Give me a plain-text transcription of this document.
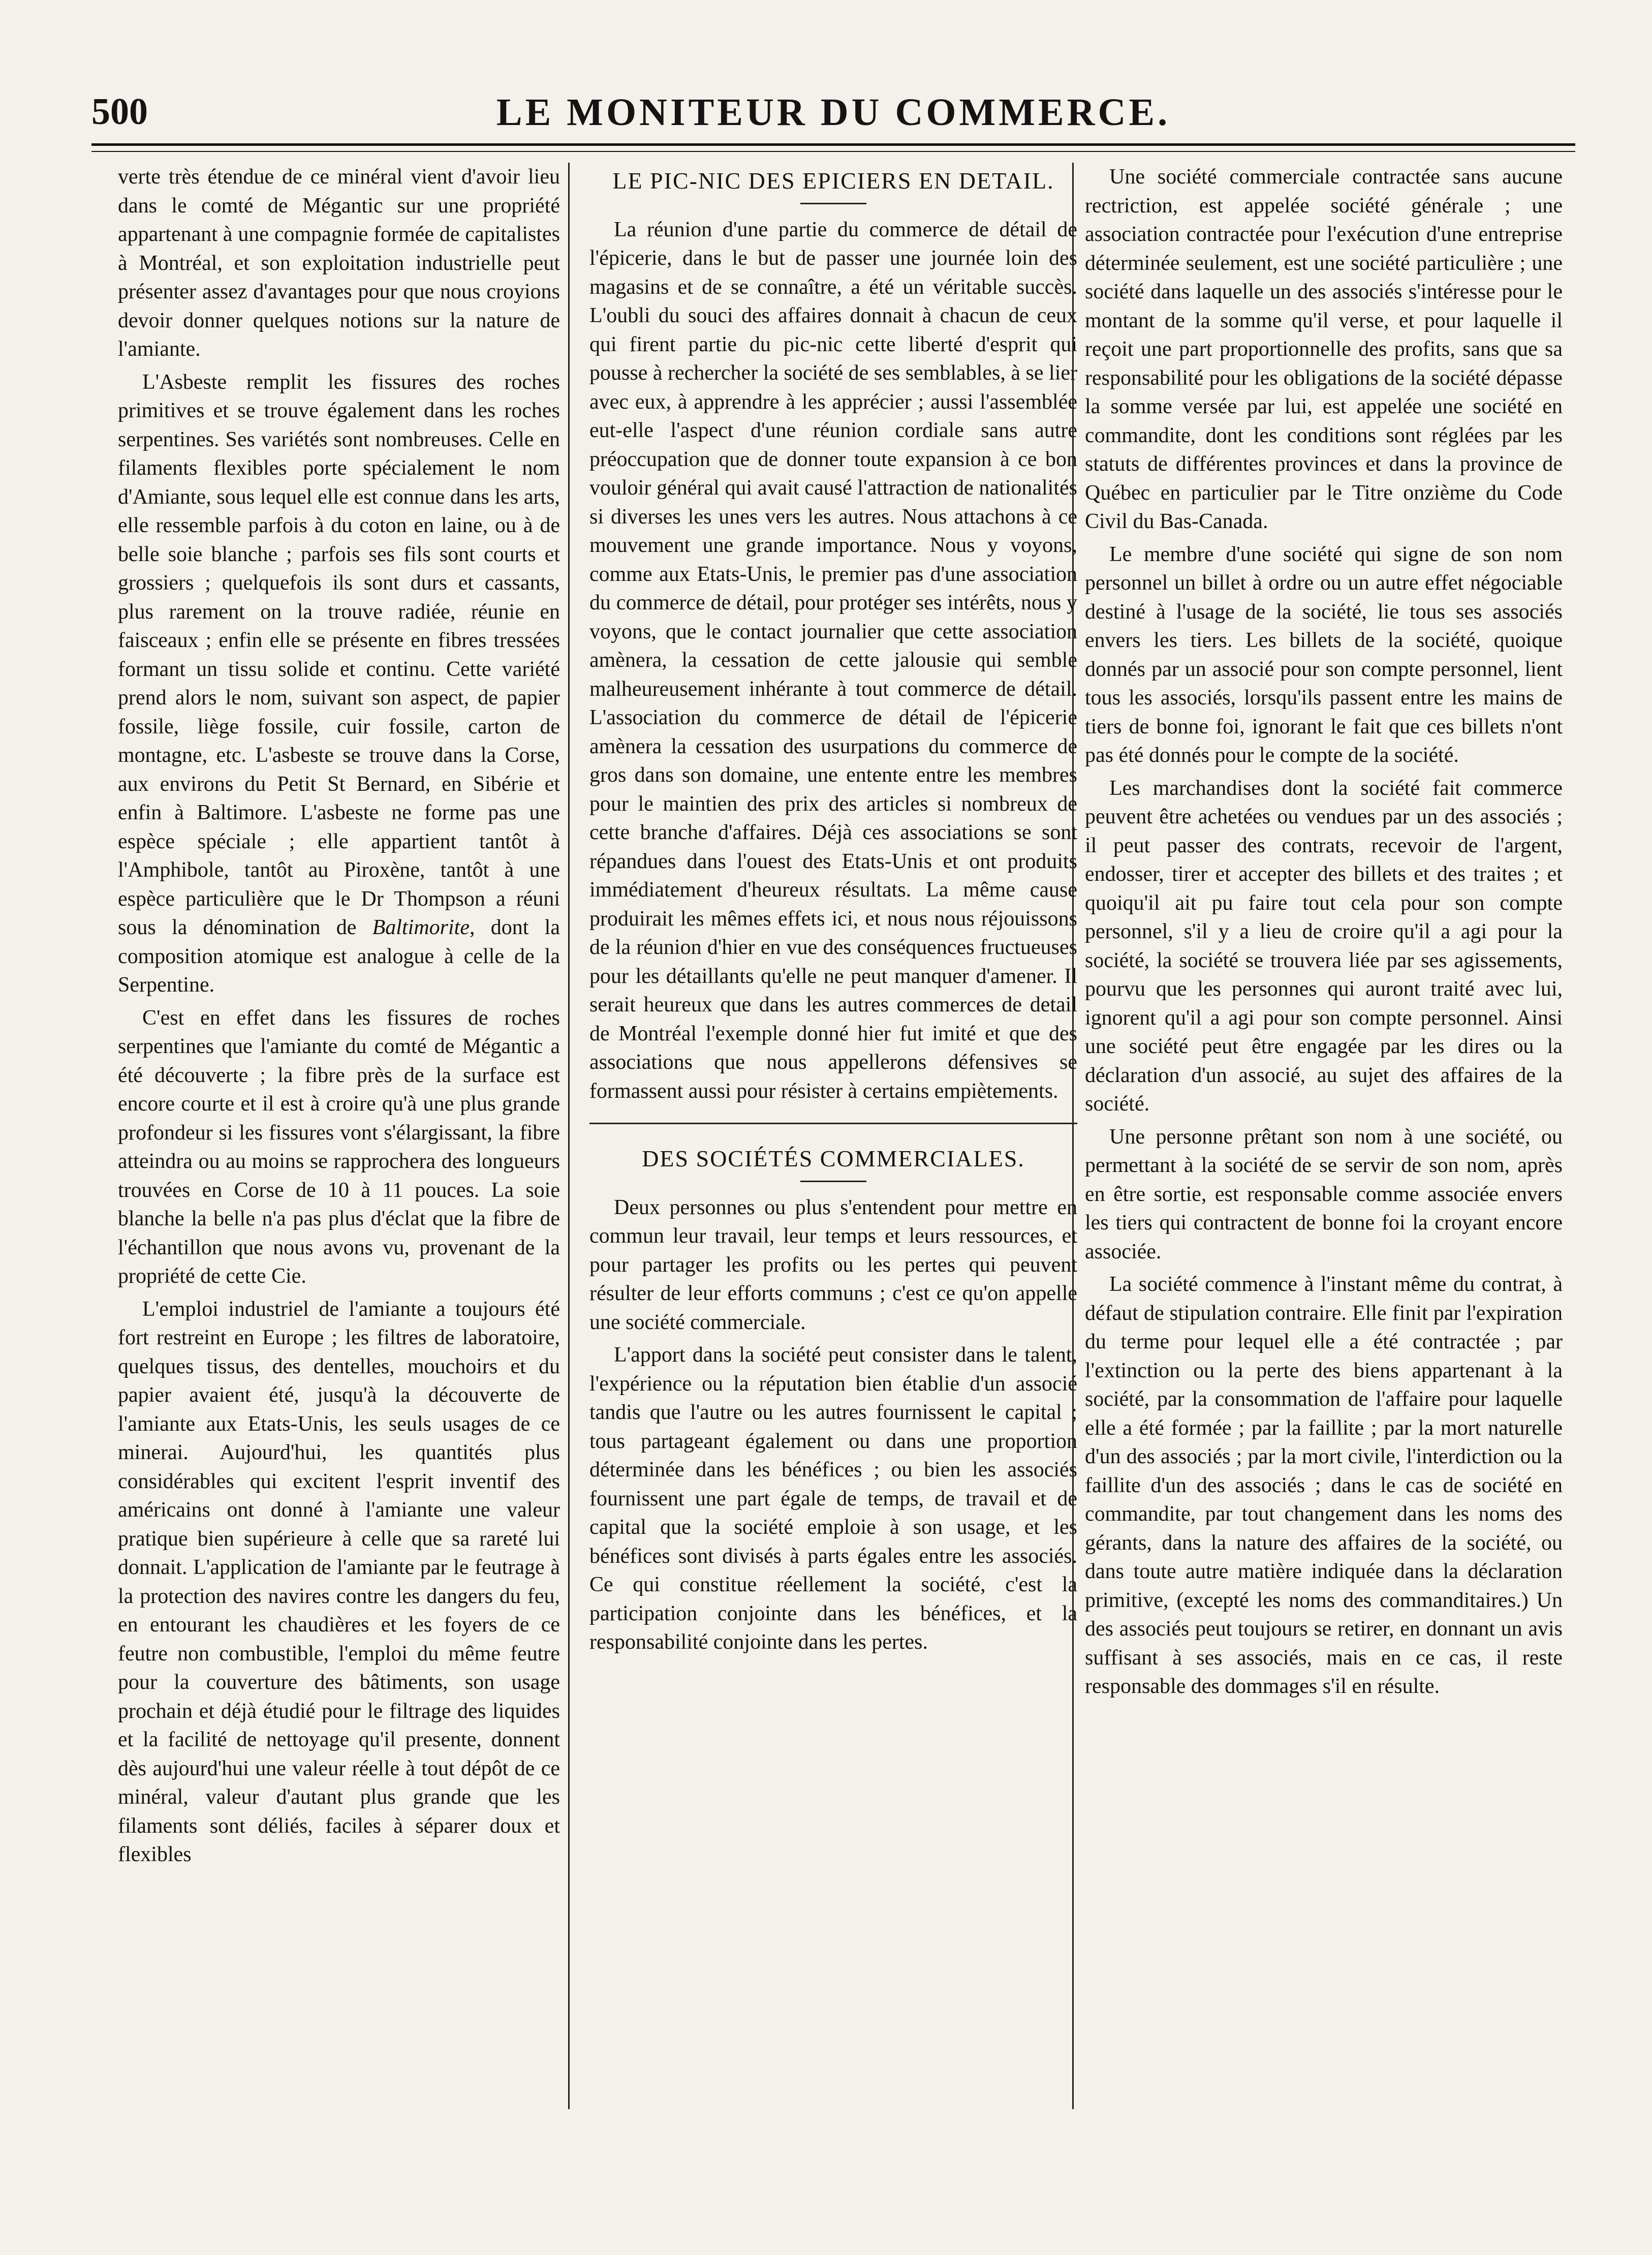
500	LE MONITEUR DU COMMERCE.

verte très étendue de ce minéral vient d'avoir lieu dans le comté de Mégantic sur une propriété appartenant à une compagnie formée de capitalistes à Montréal, et son exploitation industrielle peut présenter assez d'avantages pour que nous croyions devoir donner quelques notions sur la nature de l'amiante.

L'Asbeste remplit les fissures des roches primitives et se trouve également dans les roches serpentines. Ses variétés sont nombreuses. Celle en filaments flexibles porte spécialement le nom d'Amiante, sous lequel elle est connue dans les arts, elle ressemble parfois à du coton en laine, ou à de belle soie blanche ; parfois ses fils sont courts et grossiers ; quelquefois ils sont durs et cassants, plus rarement on la trouve radiée, réunie en faisceaux ; enfin elle se présente en fibres tressées formant un tissu solide et continu. Cette variété prend alors le nom, suivant son aspect, de papier fossile, liège fossile, cuir fossile, carton de montagne, etc. L'asbeste se trouve dans la Corse, aux environs du Petit St Bernard, en Sibérie et enfin à Baltimore. L'asbeste ne forme pas une espèce spéciale ; elle appartient tantôt à l'Amphibole, tantôt au Piroxène, tantôt à une espèce particulière que le Dr Thompson a réuni sous la dénomination de Baltimorite, dont la composition atomique est analogue à celle de la Serpentine.

C'est en effet dans les fissures de roches serpentines que l'amiante du comté de Mégantic a été découverte ; la fibre près de la surface est encore courte et il est à croire qu'à une plus grande profondeur si les fissures vont s'élargissant, la fibre atteindra ou au moins se rapprochera des longueurs trouvées en Corse de 10 à 11 pouces. La soie blanche la belle n'a pas plus d'éclat que la fibre de l'échantillon que nous avons vu, provenant de la propriété de cette Cie.

L'emploi industriel de l'amiante a toujours été fort restreint en Europe ; les filtres de laboratoire, quelques tissus, des dentelles, mouchoirs et du papier avaient été, jusqu'à la découverte de l'amiante aux Etats-Unis, les seuls usages de ce minerai. Aujourd'hui, les quantités plus considérables qui excitent l'esprit inventif des américains ont donné à l'amiante une valeur pratique bien supérieure à celle que sa rareté lui donnait. L'application de l'amiante par le feutrage à la protection des navires contre les dangers du feu, en entourant les chaudières et les foyers de ce feutre non combustible, l'emploi du même feutre pour la couverture des bâtiments, son usage prochain et déjà étudié pour le filtrage des liquides et la facilité de nettoyage qu'il presente, donnent dès aujourd'hui une valeur réelle à tout dépôt de ce minéral, valeur d'autant plus grande que les filaments sont déliés, faciles à séparer doux et flexibles

LE PIC-NIC DES EPICIERS EN DETAIL.

La réunion d'une partie du commerce de détail de l'épicerie, dans le but de passer une journée loin des magasins et de se connaître, a été un véritable succès. L'oubli du souci des affaires donnait à chacun de ceux qui firent partie du pic-nic cette liberté d'esprit qui pousse à rechercher la société de ses semblables, à se lier avec eux, à apprendre à les apprécier ; aussi l'assemblée eut-elle l'aspect d'une réunion cordiale sans autre préoccupation que de donner toute expansion à ce bon vouloir général qui avait causé l'attraction de nationalités si diverses les unes vers les autres. Nous attachons à ce mouvement une grande importance. Nous y voyons, comme aux Etats-Unis, le premier pas d'une association du commerce de détail, pour protéger ses intérêts, nous y voyons, que le contact journalier que cette association amènera, la cessation de cette jalousie qui semble malheureusement inhérante à tout commerce de détail. L'association du commerce de détail de l'épicerie amènera la cessation des usurpations du commerce de gros dans son domaine, une entente entre les membres pour le maintien des prix des articles si nombreux de cette branche d'affaires. Déjà ces associations se sont répandues dans l'ouest des Etats-Unis et ont produits immédiatement d'heureux résultats. La même cause produirait les mêmes effets ici, et nous nous réjouissons de la réunion d'hier en vue des conséquences fructueuses pour les détaillants qu'elle ne peut manquer d'amener. Il serait heureux que dans les autres commerces de detail de Montréal l'exemple donné hier fut imité et que des associations que nous appellerons défensives se formassent aussi pour résister à certains empiètements.

DES SOCIÉTÉS COMMERCIALES.

Deux personnes ou plus s'entendent pour mettre en commun leur travail, leur temps et leurs ressources, et pour partager les profits ou les pertes qui peuvent résulter de leur efforts communs ; c'est ce qu'on appelle une société commerciale.

L'apport dans la société peut consister dans le talent, l'expérience ou la réputation bien établie d'un associé tandis que l'autre ou les autres fournissent le capital ; tous partageant également ou dans une proportion déterminée dans les bénéfices ; ou bien les associés fournissent une part égale de temps, de travail et de capital que la société emploie à son usage, et les bénéfices sont divisés à parts égales entre les associés. Ce qui constitue réellement la société, c'est la participation conjointe dans les bénéfices, et la responsabilité conjointe dans les pertes.

Une société commerciale contractée sans aucune rectriction, est appelée société générale ; une association contractée pour l'exécution d'une entreprise déterminée seulement, est une société particulière ; une société dans laquelle un des associés s'intéresse pour le montant de la somme qu'il verse, et pour laquelle il reçoit une part proportionnelle des profits, sans que sa responsabilité pour les obligations de la société dépasse la somme versée par lui, est appelée une société en commandite, dont les conditions sont réglées par les statuts de différentes provinces et dans la province de Québec en particulier par le Titre onzième du Code Civil du Bas-Canada.

Le membre d'une société qui signe de son nom personnel un billet à ordre ou un autre effet négociable destiné à l'usage de la société, lie tous ses associés envers les tiers. Les billets de la société, quoique donnés par un associé pour son compte personnel, lient tous les associés, lorsqu'ils passent entre les mains de tiers de bonne foi, ignorant le fait que ces billets n'ont pas été donnés pour le compte de la société.

Les marchandises dont la société fait commerce peuvent être achetées ou vendues par un des associés ; il peut passer des contrats, recevoir de l'argent, endosser, tirer et accepter des billets et des traites ; et quoiqu'il ait pu faire tout cela pour son compte personnel, s'il y a lieu de croire qu'il a agi pour la société, la société se trouvera liée par ses agissements, pourvu que les personnes qui auront traité avec lui, ignorent qu'il a agi pour son compte personnel. Ainsi une société peut être engagée par les dires ou la déclaration d'un associé, au sujet des affaires de la société.

Une personne prêtant son nom à une société, ou permettant à la société de se servir de son nom, après en être sortie, est responsable comme associée envers les tiers qui contractent de bonne foi la croyant encore associée.

La société commence à l'instant même du contrat, à défaut de stipulation contraire. Elle finit par l'expiration du terme pour lequel elle a été contractée ; par l'extinction ou la perte des biens appartenant à la société, par la consommation de l'affaire pour laquelle elle a été formée ; par la faillite ; par la mort naturelle d'un des associés ; par la mort civile, l'interdiction ou la faillite d'un des associés ; dans le cas de société en commandite, par tout changement dans les noms des gérants, dans la nature des affaires de la société, ou dans toute autre matière indiquée dans la déclaration primitive, (excepté les noms des commanditaires.) Un des associés peut toujours se retirer, en donnant un avis suffisant à ses associés, mais en ce cas, il reste responsable des dommages s'il en résulte.
